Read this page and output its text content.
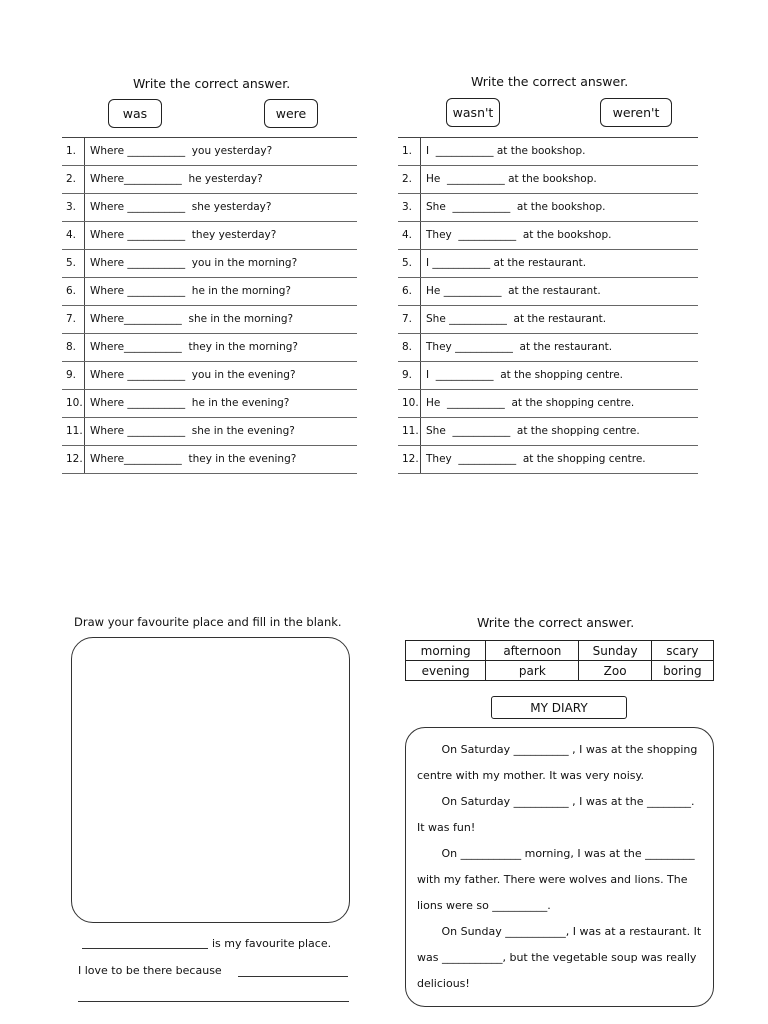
Write the correct answer.
was	were
1. Where ___________  you yesterday?
2. Where___________  he yesterday?
3. Where ___________  she yesterday?
4. Where ___________  they yesterday?
5. Where ___________  you in the morning?
6. Where ___________  he in the morning?
7. Where___________  she in the morning?
8. Where___________  they in the morning?
9. Where ___________  you in the evening?
10. Where ___________  he in the evening?
11. Where ___________  she in the evening?
12. Where___________  they in the evening?
Write the correct answer.
wasn't	weren't
1. I  ___________ at the bookshop.
2. He  ___________ at the bookshop.
3. She  ___________  at the bookshop.
4. They  ___________  at the bookshop.
5. I ___________ at the restaurant.
6. He ___________  at the restaurant.
7. She ___________  at the restaurant.
8. They ___________  at the restaurant.
9. I  ___________  at the shopping centre.
10. He  ___________  at the shopping centre.
11. She  ___________  at the shopping centre.
12. They  ___________  at the shopping centre.
Draw your favourite place and fill in the blank.
is my favourite place.
I love to be there because
Write the correct answer.
morning	afternoon	Sunday	scary
evening	park	Zoo	boring
MY DIARY
On Saturday __________ , I was at the shopping
centre with my mother. It was very noisy.
On Saturday __________ , I was at the ________.
It was fun!
On ___________ morning, I was at the _________
with my father. There were wolves and lions. The
lions were so __________.
On Sunday ___________, I was at a restaurant. It
was ___________, but the vegetable soup was really
delicious!
